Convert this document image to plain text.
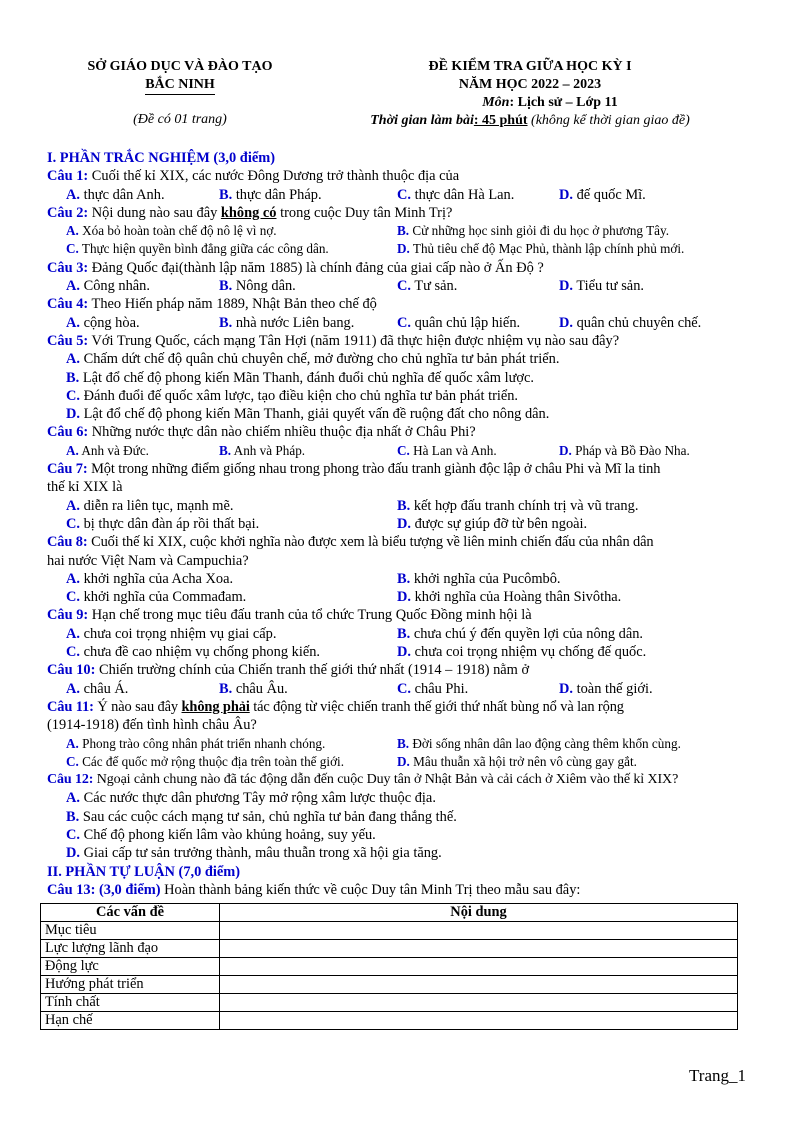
SỞ GIÁO DỤC VÀ ĐÀO TẠO
BẮC NINH
(Đề có 01 trang)
ĐỀ KIỂM TRA GIỮA HỌC KỲ I
NĂM HỌC 2022 – 2023
Môn: Lịch sử – Lớp 11
Thời gian làm bài: 45 phút (không kể thời gian giao đề)
I. PHẦN TRẮC NGHIỆM (3,0 điểm)
Câu 1: Cuối thế kỉ XIX, các nước Đông Dương trở thành thuộc địa của
A. thực dân Anh.	B. thực dân Pháp.	C. thực dân Hà Lan.	D. đế quốc Mĩ.
Câu 2: Nội dung nào sau đây không có trong cuộc Duy tân Minh Trị?
A. Xóa bỏ hoàn toàn chế độ nô lệ vì nợ.	B. Cử những học sinh giỏi đi du học ở phương Tây.
C. Thực hiện quyền bình đẳng giữa các công dân.	D. Thủ tiêu chế độ Mạc Phủ, thành lập chính phủ mới.
Câu 3: Đảng Quốc đại(thành lập năm 1885) là chính đảng của giai cấp nào ở Ấn Độ ?
A. Công nhân.	B. Nông dân.	C. Tư sản.	D. Tiểu tư sản.
Câu 4: Theo Hiến pháp năm 1889, Nhật Bản theo chế độ
A. cộng hòa.	B. nhà nước Liên bang.	C. quân chủ lập hiến.	D. quân chủ chuyên chế.
Câu 5: Với Trung Quốc, cách mạng Tân Hợi (năm 1911) đã thực hiện được nhiệm vụ nào sau đây?
A. Chấm dứt chế độ quân chủ chuyên chế, mở đường cho chủ nghĩa tư bản phát triển.
B. Lật đổ chế độ phong kiến Mãn Thanh, đánh đuổi chủ nghĩa đế quốc xâm lược.
C. Đánh đuổi đế quốc xâm lược, tạo điều kiện cho chủ nghĩa tư bản phát triển.
D. Lật đổ chế độ phong kiến Mãn Thanh, giải quyết vấn đề ruộng đất cho nông dân.
Câu 6: Những nước thực dân nào chiếm nhiều thuộc địa nhất ở Châu Phi?
A. Anh và Đức.	B. Anh và Pháp.	C. Hà Lan và Anh.	D. Pháp và Bồ Đào Nha.
Câu 7: Một trong những điểm giống nhau trong phong trào đấu tranh giành độc lập ở châu Phi và Mĩ la tinh
thế kỉ XIX là
A. diễn ra liên tục, mạnh mẽ.	B. kết hợp đấu tranh chính trị và vũ trang.
C. bị thực dân đàn áp rồi thất bại.	D. được sự giúp đỡ từ bên ngoài.
Câu 8: Cuối thế kỉ XIX, cuộc khởi nghĩa nào được xem là biểu tượng về liên minh chiến đấu của nhân dân
hai nước Việt Nam và Campuchia?
A. khởi nghĩa của Acha Xoa.	B. khởi nghĩa của Pucômbô.
C. khởi nghĩa của Commađam.	D. khởi nghĩa của Hoàng thân Sivôtha.
Câu 9: Hạn chế trong mục tiêu đấu tranh của tổ chức Trung Quốc Đồng minh hội là
A. chưa coi trọng nhiệm vụ giai cấp.	B. chưa chú ý đến quyền lợi của nông dân.
C. chưa đề cao nhiệm vụ chống phong kiến.	D. chưa coi trọng nhiệm vụ chống đế quốc.
Câu 10: Chiến trường chính của Chiến tranh thế giới thứ nhất (1914 – 1918) nằm ở
A. châu Á.	B. châu Âu.	C. châu Phi.	D. toàn thế giới.
Câu 11: Ý nào sau đây không phải tác động từ việc chiến tranh thế giới thứ nhất bùng nổ và lan rộng
(1914-1918) đến tình hình châu Âu?
A. Phong trào công nhân phát triển nhanh chóng.	B. Đời sống nhân dân lao động càng thêm khốn cùng.
C. Các đế quốc mở rộng thuộc địa trên toàn thế giới.	D. Mâu thuẫn xã hội trở nên vô cùng gay gắt.
Câu 12: Ngoại cảnh chung nào đã tác động dẫn đến cuộc Duy tân ở Nhật Bản và cải cách ở Xiêm vào thế kỉ XIX?
A. Các nước thực dân phương Tây mở rộng xâm lược thuộc địa.
B. Sau các cuộc cách mạng tư sản, chủ nghĩa tư bản đang thắng thế.
C. Chế độ phong kiến lâm vào khủng hoảng, suy yếu.
D. Giai cấp tư sản trưởng thành, mâu thuẫn trong xã hội gia tăng.
II. PHẦN TỰ LUẬN (7,0 điểm)
Câu 13: (3,0 điểm) Hoàn thành bảng kiến thức về cuộc Duy tân Minh Trị theo mẫu sau đây:
Các vấn đề	Nội dung
Mục tiêu	
Lực lượng lãnh đạo	
Động lực	
Hướng phát triển	
Tính chất	
Hạn chế	
Trang_1
